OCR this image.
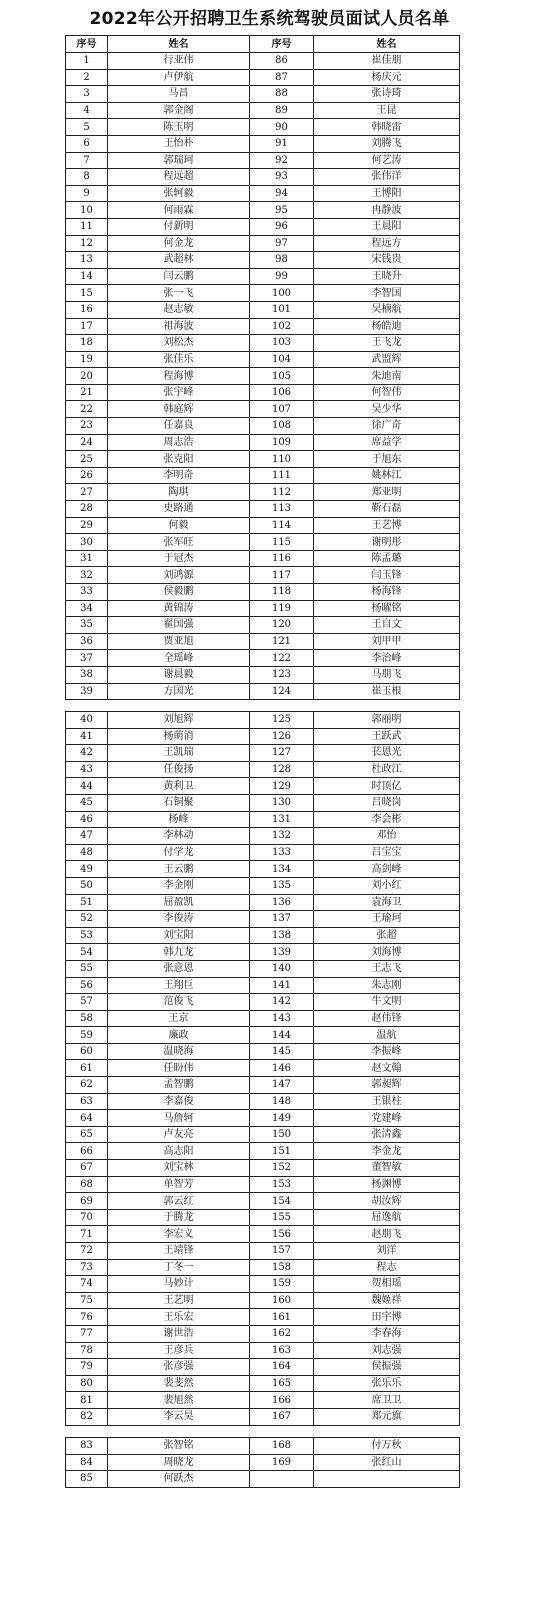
2022年公开招聘卫生系统驾驶员面试人员名单
序号	姓名	序号	姓名
1	行亚伟	86	崔佳朋
2	卢伊航	87	杨庆元
3	马昌	88	张诗琦
4	郭金阁	89	王昆
5	陈玉明	90	韩晓雷
6	王怡朴	91	刘腾飞
7	郭瑞珂	92	何艺涛
8	程远超	93	张伟洋
9	张轲毅	94	王博阳
10	何雨霖	95	冉静波
11	付新明	96	王晨阳
12	何金龙	97	程远方
13	武超林	98	宋钱贵
14	闫云鹏	99	王晓升
15	张一飞	100	李智国
16	赵志敏	101	吴楠航
17	祖海波	102	杨皓迪
18	刘松杰	103	王飞龙
19	张佳乐	104	武盟辉
20	程海博	105	朱迪南
21	张宇峰	106	何智伟
22	韩庭辉	107	吴少华
23	任嘉良	108	徐广奇
24	周志浩	109	席益学
25	张克阳	110	于旭东
26	李明奇	111	姚林江
27	陶琪	112	郑亚明
28	史路通	113	靳石磊
29	何毅	114	王艺博
30	张军旺	115	谢明彤
31	于冠杰	116	陈孟璐
32	刘鸿源	117	闫玉锋
33	侯毅鹏	118	杨海锋
34	黄锦涛	119	杨曜铭
35	翟国强	120	王自文
36	贾亚旭	121	刘甲甲
37	全瑶峰	122	李治峰
38	谢晨毅	123	马朋飞
39	方国光	124	崔玉根
40	刘旭辉	125	郭丽明
41	杨萌消	126	王跃武
42	王凯瑞	127	苌恩光
43	任俊扬	128	杜政江
44	黄利卫	129	时顶亿
45	石铜聚	130	吕晓岗
46	杨峰	131	李会彬
47	李林动	132	邓怡
48	付学龙	133	吕宝宝
49	王云鹏	134	高剑峰
50	李金刚	135	刘小红
51	屈盈凯	136	袁海卫
52	李俊涛	137	王瑜珂
53	刘宝阳	138	张超
54	韩九龙	139	刘海博
55	张意恩	140	王志飞
56	王翔巨	141	朱志刚
57	范俊飞	142	牛文明
58	王京	143	赵伟锋
59	廉政	144	温航
60	温晓海	145	李振峰
61	任盼伟	146	赵文翰
62	孟智鹏	147	郭昶辉
63	李嘉俊	148	王银柱
64	马詹轲	149	党建峰
65	卢友亮	150	张清鑫
66	高志阳	151	李金龙
67	刘宝林	152	董智敏
68	单智芳	153	杨渊博
69	郭云红	154	胡汝辉
70	于腾龙	155	屈逸航
71	李宏义	156	赵朋飞
72	王靖锋	157	刘洋
73	丁冬一	158	程志
74	马妙计	159	贺相瑶
75	王艺明	160	魏姬祥
76	王乐宏	161	田宇博
77	谢世浩	162	李春海
78	王彦兵	163	刘志强
79	张彦强	164	侯振强
80	裴斐然	165	张乐乐
81	裴旭然	166	席卫卫
82	李云昊	167	郑元旗
83	张智铭	168	付万秋
84	周晓龙	169	张红山
85	何跃杰		
